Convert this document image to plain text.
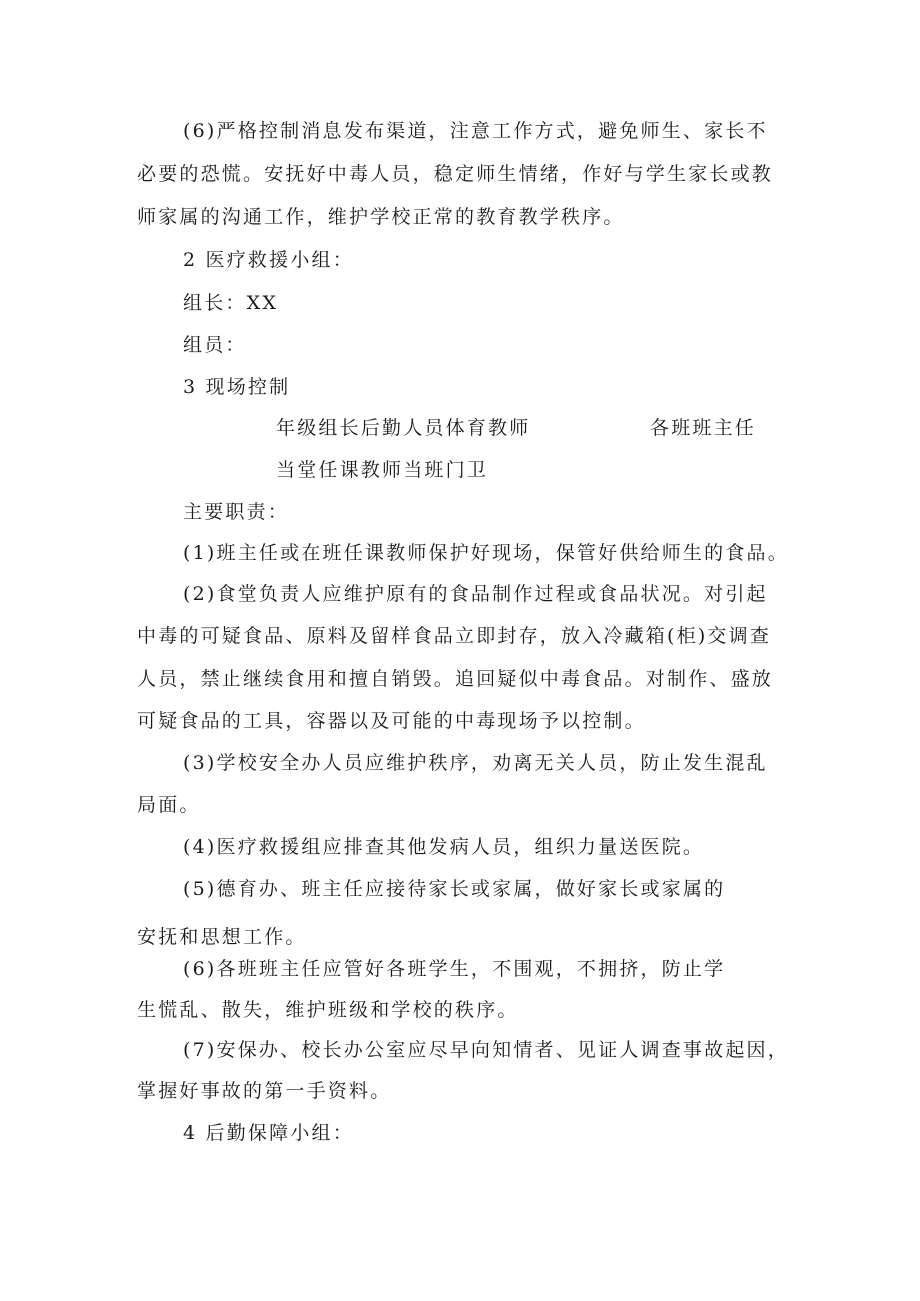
(6)严格控制消息发布渠道，注意工作方式，避免师生、家长不
必要的恐慌。安抚好中毒人员，稳定师生情绪，作好与学生家长或教
师家属的沟通工作，维护学校正常的教育教学秩序。
2 医疗救援小组：
组长：XX
组员：
3 现场控制
年级组长后勤人员体育教师	各班班主任
当堂任课教师当班门卫
主要职责：
(1)班主任或在班任课教师保护好现场，保管好供给师生的食品。
(2)食堂负责人应维护原有的食品制作过程或食品状况。对引起
中毒的可疑食品、原料及留样食品立即封存，放入冷藏箱(柜)交调查
人员，禁止继续食用和擅自销毁。追回疑似中毒食品。对制作、盛放
可疑食品的工具，容器以及可能的中毒现场予以控制。
(3)学校安全办人员应维护秩序，劝离无关人员，防止发生混乱
局面。
(4)医疗救援组应排查其他发病人员，组织力量送医院。
(5)德育办、班主任应接待家长或家属，做好家长或家属的
安抚和思想工作。
(6)各班班主任应管好各班学生，不围观，不拥挤，防止学
生慌乱、散失，维护班级和学校的秩序。
(7)安保办、校长办公室应尽早向知情者、见证人调查事故起因，
掌握好事故的第一手资料。
4 后勤保障小组：
